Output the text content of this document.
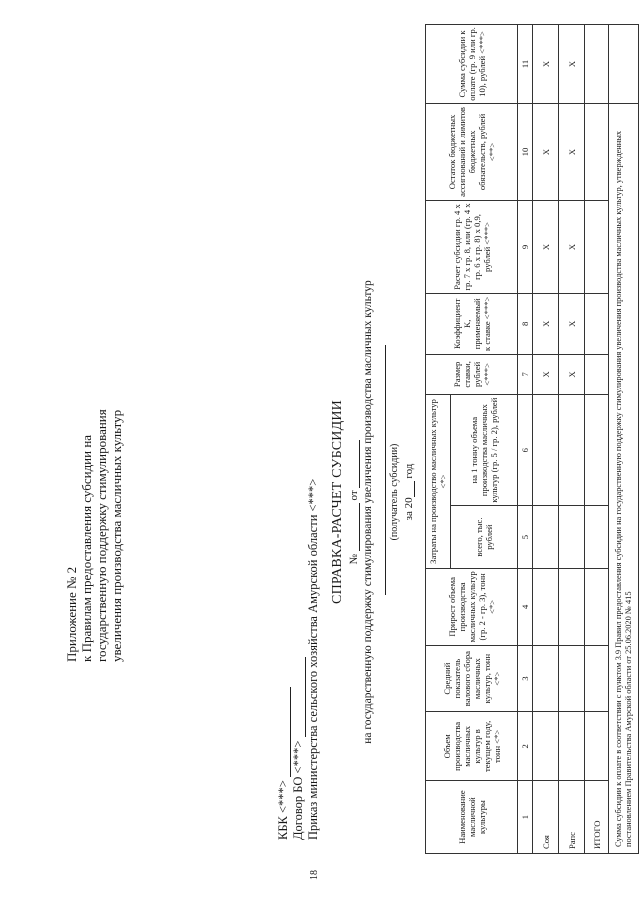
18
Приложение № 2 к Правилам предоставления субсидии на государственную поддержку стимулирования увеличения производства масличных культур
КБК <***> Договор БО <***> Приказ министерства сельского хозяйства Амурской области <***> СПРАВКА-РАСЧЕТ СУБСИДИИ №  от на государственную поддержку стимулирования увеличения производства масличных культур (получатель субсидии) за 20 год
Наименование масличной культуры	Объем производства масличных культур в текущем году, тонн <*>	Средний показатель валового сбора масличных культур, тонн <*>	Прирост объема производства масличных культур (гр. 2 - гр. 3), тонн <*>	Затраты на производство масличных культур <*>		Размер ставки, рублей <***>	Коэффициент K, применяемый к ставке <***>	Расчет субсидии гр. 4 x гр. 7 x гр. 8, или (гр. 4 x гр. 6 x гр. 8) x 0,9, рублей <***>	Остаток бюджетных ассигнований и лимитов бюджетных обязательств, рублей <**>	Сумма субсидии к оплате (гр. 9 или гр. 10), рублей <***>
				всего, тыс. рублей	на 1 тонну объема производства масличных культур (гр. 5 / гр. 2), рублей					
1	2	3	4	5	6	7	8	9	10	11
Соя						X	X	X	X	X
Рапс						X	X	X	X	X
ИТОГО										
Сумма субсидии к оплате в соответствии с пунктом 3.9 Правил предоставления субсидии на государственную поддержку стимулирования увеличения производства масличных культур, утвержденных постановлением Правительства Амурской области от 25.06.2020 № 415										
